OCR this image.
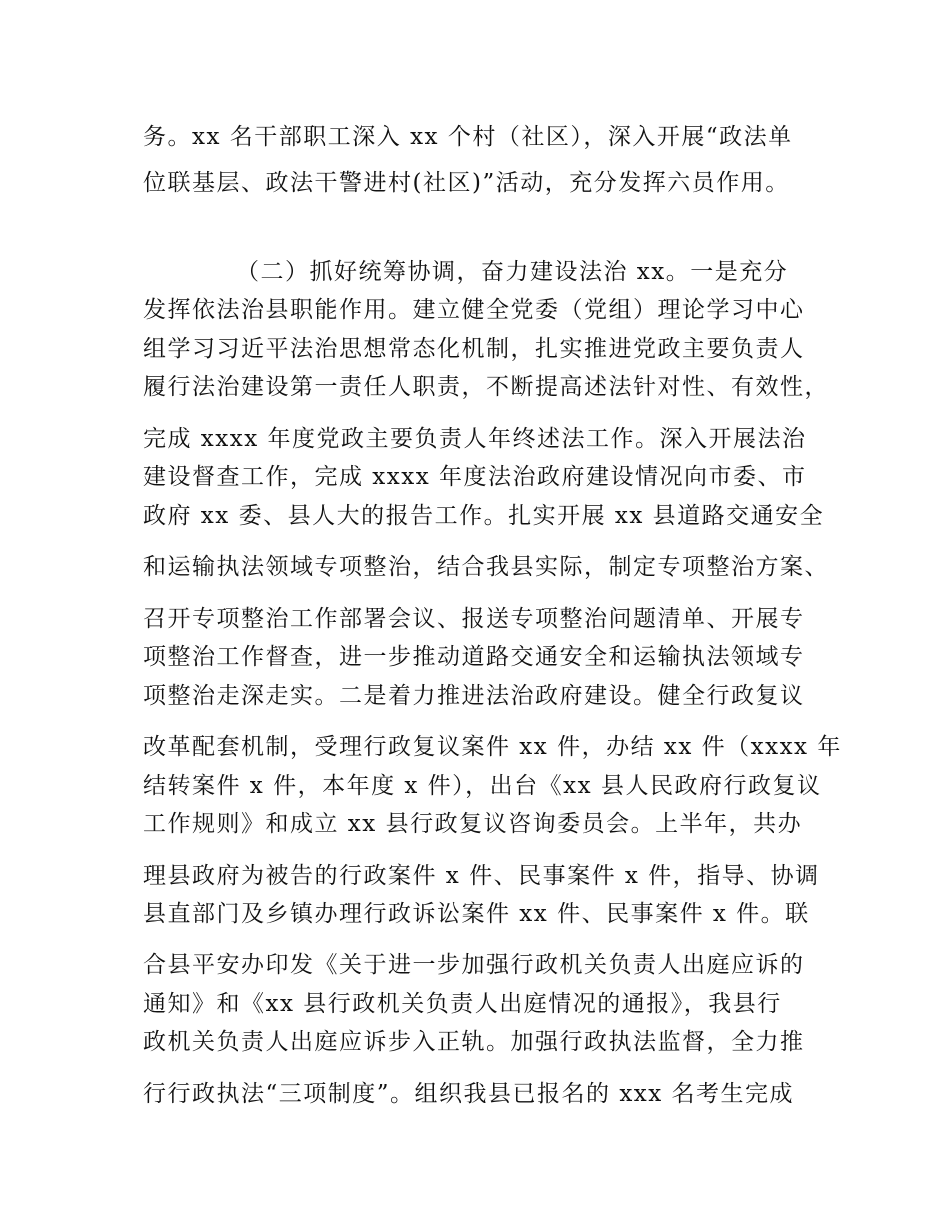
务。xx 名干部职工深入 xx 个村（社区），深入开展“政法单
位联基层、政法干警进村(社区)”活动，充分发挥六员作用。
（二）抓好统筹协调，奋力建设法治 xx。一是充分
发挥依法治县职能作用。建立健全党委（党组）理论学习中心
组学习习近平法治思想常态化机制，扎实推进党政主要负责人
履行法治建设第一责任人职责，不断提高述法针对性、有效性，
完成 xxxx 年度党政主要负责人年终述法工作。深入开展法治
建设督查工作，完成 xxxx 年度法治政府建设情况向市委、市
政府 xx 委、县人大的报告工作。扎实开展 xx 县道路交通安全
和运输执法领域专项整治，结合我县实际，制定专项整治方案、
召开专项整治工作部署会议、报送专项整治问题清单、开展专
项整治工作督查，进一步推动道路交通安全和运输执法领域专
项整治走深走实。二是着力推进法治政府建设。健全行政复议
改革配套机制，受理行政复议案件 xx 件，办结 xx 件（xxxx 年
结转案件 x 件，本年度 x 件），出台《xx 县人民政府行政复议
工作规则》和成立 xx 县行政复议咨询委员会。上半年，共办
理县政府为被告的行政案件 x 件、民事案件 x 件，指导、协调
县直部门及乡镇办理行政诉讼案件 xx 件、民事案件 x 件。联
合县平安办印发《关于进一步加强行政机关负责人出庭应诉的
通知》和《xx 县行政机关负责人出庭情况的通报》，我县行
政机关负责人出庭应诉步入正轨。加强行政执法监督，全力推
行行政执法“三项制度”。组织我县已报名的 xxx 名考生完成
